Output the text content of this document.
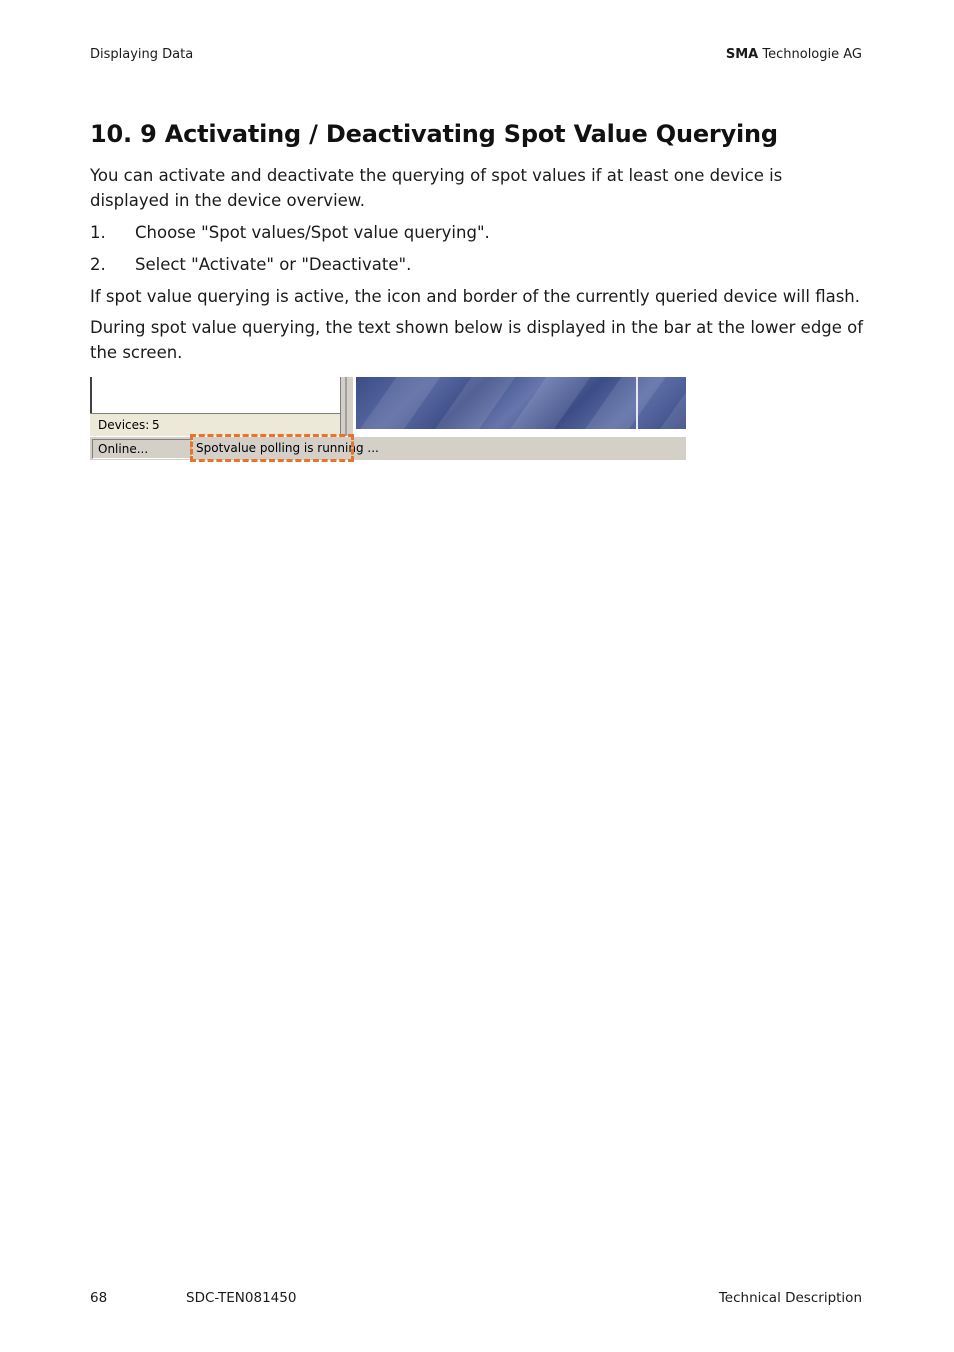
Displaying Data	SMA Technologie AG
10. 9 Activating / Deactivating Spot Value Querying

You can activate and deactivate the querying of spot values if at least one device is displayed in the device overview.

1. Choose "Spot values/Spot value querying".
2. Select "Activate" or "Deactivate".

If spot value querying is active, the icon and border of the currently queried device will flash.

During spot value querying, the text shown below is displayed in the bar at the lower edge of the screen.

Devices: 5
Online...	Spotvalue polling is running ...
68	SDC-TEN081450	Technical Description
